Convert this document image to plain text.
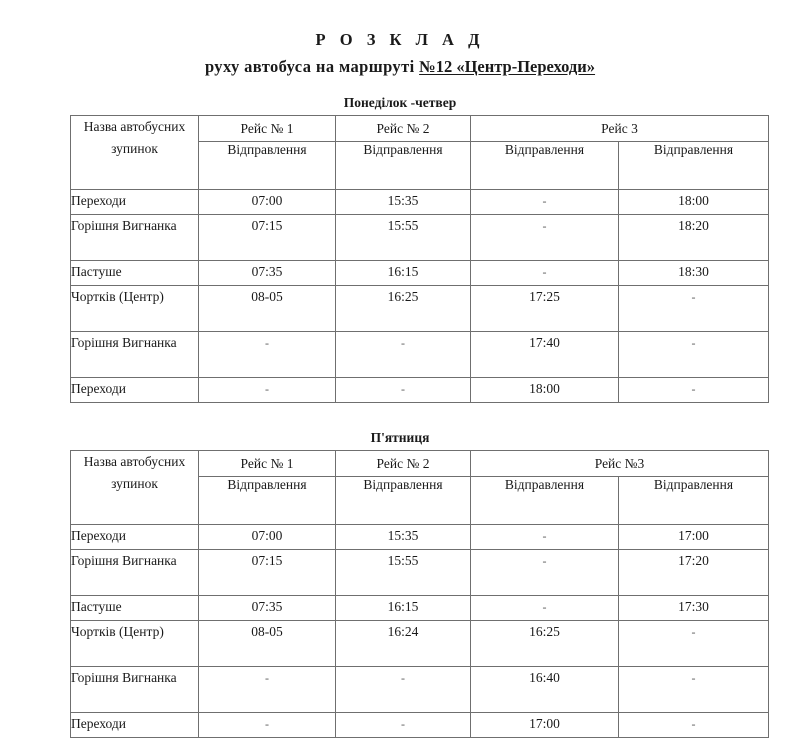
Р О З К Л А Д
руху автобуса на маршруті №12 «Центр-Переходи»
Понеділок -четвер
Назва автобусних зупинок	Рейс № 1	Рейс № 2	Рейс 3	
	Відправлення	Відправлення	Відправлення	Відправлення
Переходи	07:00	15:35	-	18:00
Горішня Вигнанка	07:15	15:55	-	18:20
Пастуше	07:35	16:15	-	18:30
Чортків (Центр)	08-05	16:25	17:25	-
Горішня Вигнанка	-	-	17:40	-
Переходи	-	-	18:00	-
П'ятниця
Назва автобусних зупинок	Рейс № 1	Рейс № 2	Рейс №3	
	Відправлення	Відправлення	Відправлення	Відправлення
Переходи	07:00	15:35	-	17:00
Горішня Вигнанка	07:15	15:55	-	17:20
Пастуше	07:35	16:15	-	17:30
Чортків (Центр)	08-05	16:24	16:25	-
Горішня Вигнанка	-	-	16:40	-
Переходи	-	-	17:00	-
